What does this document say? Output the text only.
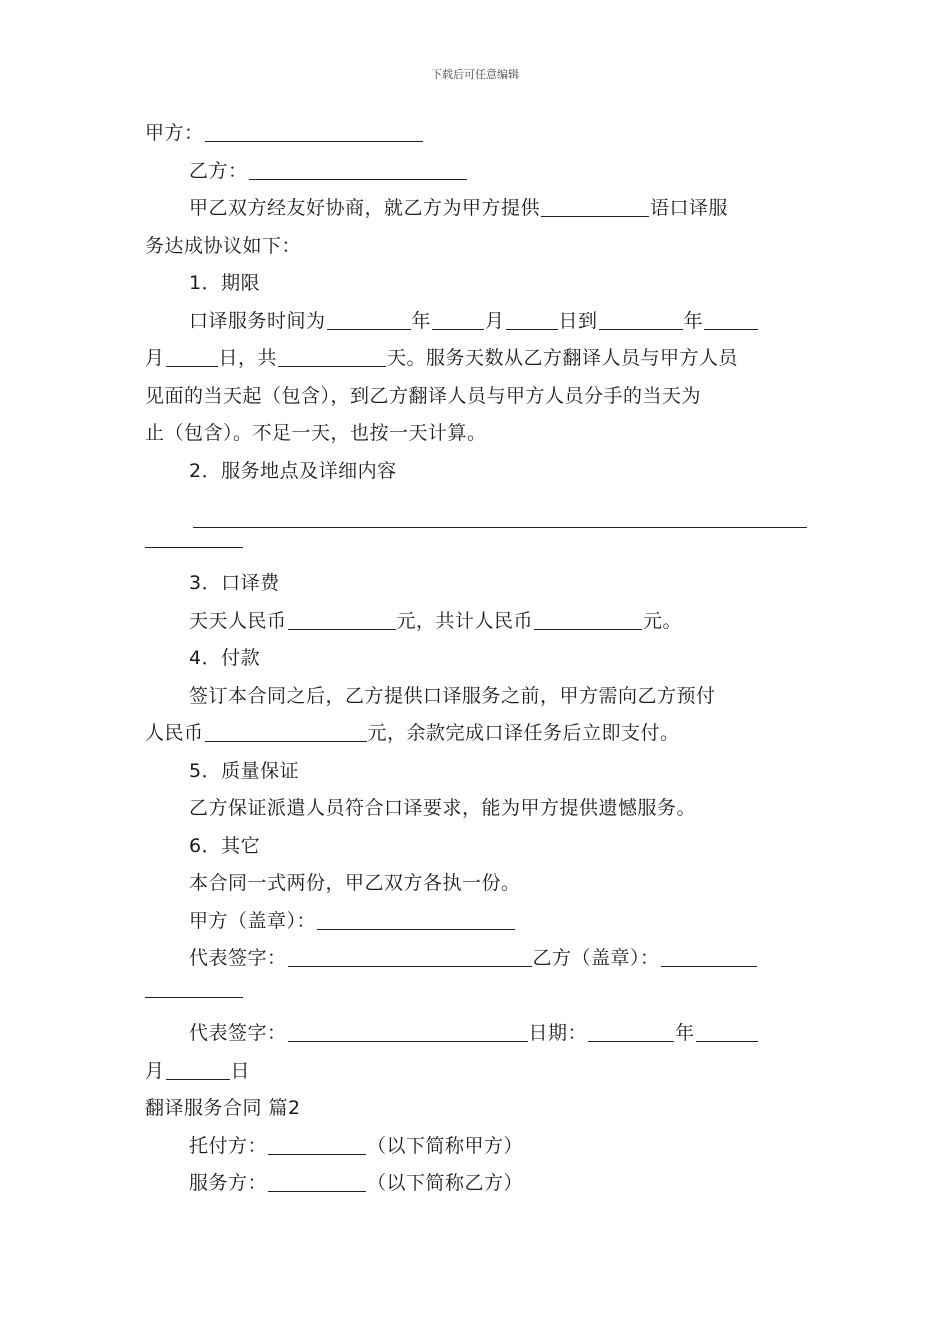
下载后可任意编辑
甲方：
乙方：
甲乙双方经友好协商，就乙方为甲方提供	语口译服
务达成协议如下：
1．期限
口译服务时间为	年	月	日到	年
月	日，共	天。服务天数从乙方翻译人员与甲方人员
见面的当天起（包含），到乙方翻译人员与甲方人员分手的当天为
止（包含）。不足一天，也按一天计算。
2．服务地点及详细内容
3．口译费
天天人民币	元，共计人民币	元。
4．付款
签订本合同之后，乙方提供口译服务之前，甲方需向乙方预付
人民币	元，余款完成口译任务后立即支付。
5．质量保证
乙方保证派遣人员符合口译要求，能为甲方提供遗憾服务。
6．其它
本合同一式两份，甲乙双方各执一份。
甲方（盖章）：
代表签字：	乙方（盖章）：
代表签字：	日期：	年
月	日
翻译服务合同 篇2
托付方：	（以下简称甲方）
服务方：	（以下简称乙方）
